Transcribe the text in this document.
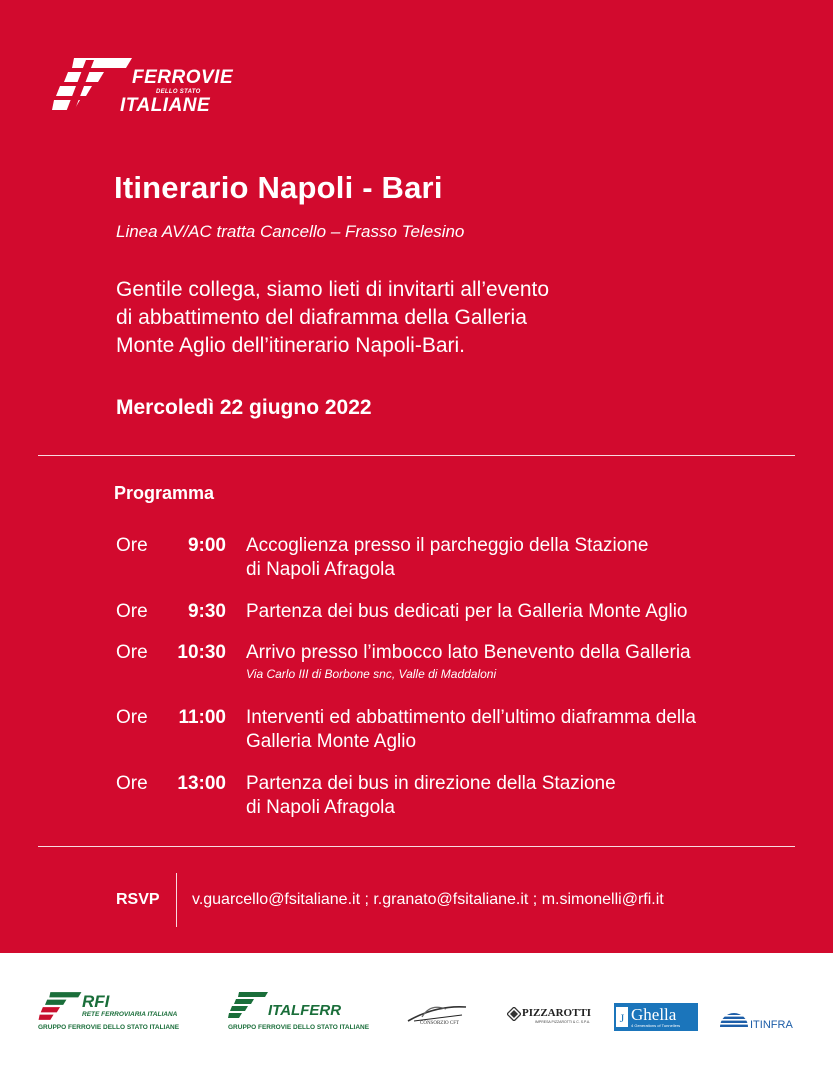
FERROVIE
DELLO STATO
ITALIANE
Itinerario Napoli - Bari
Linea AV/AC tratta Cancello – Frasso Telesino
Gentile collega, siamo lieti di invitarti all’evento
di abbattimento del diaframma della Galleria
Monte Aglio dell’itinerario Napoli-Bari.
Mercoledì 22 giugno 2022
Programma
Ore	9:00 Accoglienza presso il parcheggio della Stazione
di Napoli Afragola
Ore	9:30 Partenza dei bus dedicati per la Galleria Monte Aglio
Ore	10:30 Arrivo presso l’imbocco lato Benevento della Galleria
Via Carlo III di Borbone snc, Valle di Maddaloni
Ore	11:00 Interventi ed abbattimento dell’ultimo diaframma della
Galleria Monte Aglio
Ore	13:00 Partenza dei bus in direzione della Stazione
di Napoli Afragola
RSVP v.guarcello@fsitaliane.it ; r.granato@fsitaliane.it ; m.simonelli@rfi.it
RFI
RETE FERROVIARIA ITALIANA
GRUPPO FERROVIE DELLO STATO ITALIANE
ITALFERR
GRUPPO FERROVIE DELLO STATO ITALIANE
CONSORZIO CFT
PIZZAROTTI
IMPRESA PIZZAROTTI & C. S.P.A. J Ghella
4 Generations of Tunnellers	ITINFRA
